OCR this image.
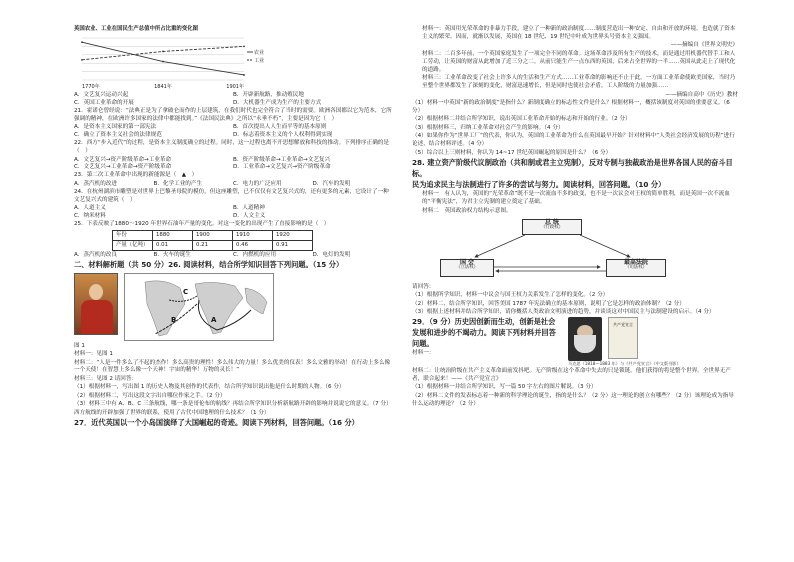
英国农业、工业在国民生产总值中所占比重的变化图
农业
工业
1770年	1841年	1901年
A．文艺复兴运动兴起	B．开辟新航路，推动殖民地
C．英国工业革命的开展	D．大机器生产成为生产的主要方式

21．霍诺仑曾经说：“法典正是为了拿破仑而作的上层建筑，在我们时代也完全符合了当时的需要。欧洲各国都以它为范本，它所强调的精神，在欧洲许多国家的法律中都能找到。”《法国民法典》之所以“永垂不朽”，主要是因为它（　）

A．是资本主义国家的第一部宪法	B．首次提出人人生而平等的基本原则
C．确立了资本主义社会的法律规范	D．标志着资本主义的个人权利得到实现

22．西方“步入近代”的过程，是资本主义制度确立的过程。同时，这一过程也离不开思想解放和科技的推动。下列排序正确的是（　）

A．文艺复兴→资产阶级革命→工业革命	B．资产阶级革命→工业革命→文艺复兴
C．文艺复兴→工业革命→资产阶级革命	D．工业革命→文艺复兴→资产阶级革命

23．第二次工业革命中出现的新能源是（　▲　）

A．蒸汽机的改进	B．化学工业的产生	C．电力的广泛应用	D．汽车的发明

24．在杭州湖滨市雕塑是对世界上巴黎圣母院的模仿，但这座雕塑，已不仅仅有文艺复兴式的，还有更多的元素，它设计了一种文艺复兴式的建筑（　）

A．人道主义	B．人道精神
C．纳米材料	D．人文主义

25．下表反映了1880～1920 年世界石油年产量的变化。对这一变化的出现产生了直接影响的是（　）

年份	1880	1900	1910	1920
产量（亿吨）	0.01	0.21	0.46	0.91
A．蒸汽机的改良	B．火车的诞生	C．内燃机的应用	D．电灯的发明

二、材料解析题（共 50 分）26. 阅读材料，结合所学知识回答下列问题。（15 分）

C
B	A

图 1

材料一：见图 1

材料二：“人是一件多么了不起的杰作！多么高贵的理性！多么伟大的力量！多么优美的仪表！多么文雅的举动！在行动上多么像一个天使！在智慧上多么像一个天神！宇宙的精华！万物的灵长！”

材料三：见图 2 请回答：

（1）根据材料一，写出图 1 的历史人物及其创作的代表作，结合所学知识说出他是什么时期的人物。（6 分）

（2）根据材料二，写出这段文字出自哪位作家之手。（2 分）

（3）材料三中有 A、B、C 三条航线，哪一条是哥伦布的航线？再结合所学知识分析新航路开辟的影响并说说它的意义。（7 分）

西方航线的开辟加强了世界的联系，使用了古代中国地理的什么技术？（1 分）

27．近代英国以一个小岛国演绎了大国崛起的奇迹。阅读下列材料，回答问题。（16 分）

材料一：英国用光荣革命的非暴力手段，建立了一种新的政治制度……制度营造出一种安定、自由和开放的环境。也造就了资本主义的繁荣。因而，就渐以发展，英国在 18 世纪、19 世纪中叶成为世界头号资本主义强国。

——摘编自《世界文明史》

材料二：二百多年前，一个英国家庭发生了一项完全不同的革命。这场革命涉及所有生产的技术，而是通过用机器代替手工和人工劳动，让英国的财富从此增加了近三分之二。从前只能生产一点东西的英国，后来占全世界的一半……英国从此走上了现代化的道路。

材料三：工业革命改变了社会上许多人的生活和生产方式……工业革命的影响还不止于此。一方面工业革命使欧美国家，当时乃至整个世界都发生了深刻的变化，财富迅速增长，但是同时也使社会矛盾，工人阶级的力量加强……

——摘编自高中《历史》教材

（1）材料一中英国“新的政治制度”是指什么？新制度确立的标志性文件是什么？根据材料一，概括该制度对英国的重要意义。（6 分）

（2）根据材料二并结合所学知识，说出英国工业革命开始的标志和开始的行业。（2 分）

（3）根据材料三，归纳工业革命对社会产生的影响。（4 分）

（4）如果你作为“世界工厂”的代表，你认为，英国的工业革命为什么在英国最早开始？针对材料中“人类社会经济发展的历程”进行论述，结合材料评述。（4 分）

（5）综合以上三则材料，你认为 14~17 世纪英国崛起的原因是什么？（6 分）

28. 建立资产阶级代议制政治（共和制或君主立宪制），反对专制与独裁政治是世界各国人民的奋斗目标。

民为追求民主与法制进行了许多的尝试与努力。阅读材料，回答问题。（10 分）

材料一　有人认为，英国的“光荣革命”既不是一次流血不多的政变，也不是一次议会对王权的简单胜利，而是英国一次不流血的“平衡宪法”，为君主立宪制的建立奠定了基础。

材料二　英国政治权力结构示意图。

总 统
（行政权）
国 会
（立法权）
最高法院
（司法权）

请回答：

（1）根据所学知识，材料一中议会与国王权力关系发生了怎样的变化。（2 分）

（2）材料二，结合所学知识，回答美国 1787 年宪法确立的基本原则，说明了它是怎样的政治体制？（2 分）

（3）根据上述材料并结合所学知识，请你概括人类政治文明演进的趋势，并谈谈这对中国民主与法制建设的启示。（4 分）

29．（9 分）历史因创新而生动，创新是社会发展和进步的不竭动力。阅读下列材料并回答问题。

材料一：

共产党宣言

马克思（1818—1883 年）与《共产党宣言》（中文版书影）

材料二：让统治阶级在共产主义革命面前发抖吧。无产阶级在这个革命中失去的只是锁链。他们获得的将是整个世界。全世界无产者，联合起来！——《共产党宣言》

（1）根据材料一并结合所学知识，写一篇 50 字左右的图片解说。（3 分）

（2）材料二文件的发表标志着一种新的科学理论的诞生，指的是什么？（2 分）这一理论的创立有哪些？（2 分）该理论成为指导什么运动的理论？（2 分）
